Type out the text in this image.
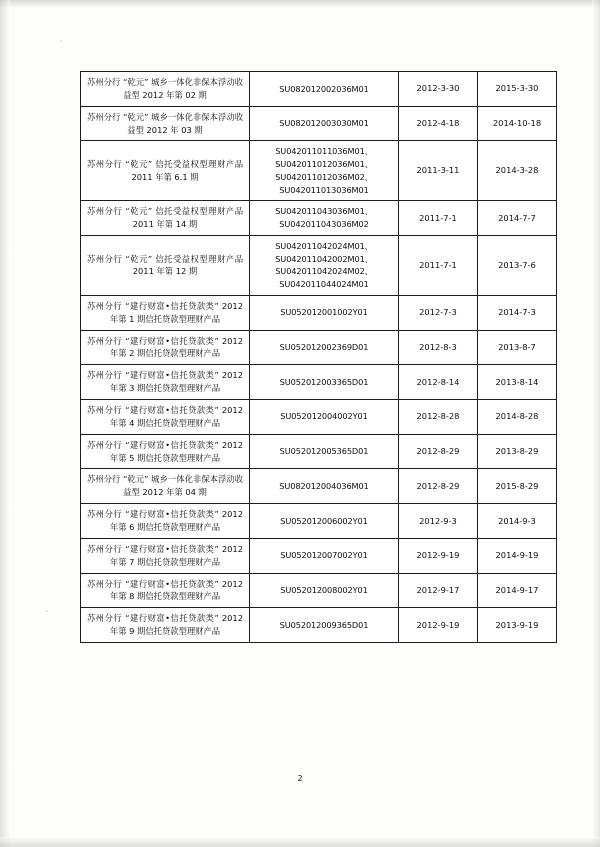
苏州分行 “乾元” 城乡一体化非保本浮动收益型 2012 年第 02 期	SU082012002036M01	2012-3-30	2015-3-30
苏州分行 “乾元” 城乡一体化非保本浮动收益型 2012 年 03 期	SU082012003030M01	2012-4-18	2014-10-18
苏州分行 “乾元” 信托受益权型理财产品 2011 年第 6.1 期	SU042011011036M01、
SU042011012036M01、
SU042011012036M02、
SU042011013036M01	2011-3-11	2014-3-28
苏州分行 “乾元” 信托受益权型理财产品 2011 年第 14 期	SU042011043036M01、
SU042011043036M02	2011-7-1	2014-7-7
苏州分行 “乾元” 信托受益权型理财产品 2011 年第 12 期	SU042011042024M01、
SU042011042002M01、
SU042011042024M02、
SU042011044024M01	2011-7-1	2013-7-6
苏州分行 “建行财富•信托贷款类” 2012 年第 1 期信托贷款型理财产品	SU052012001002Y01	2012-7-3	2014-7-3
苏州分行 “建行财富•信托贷款类” 2012 年第 2 期信托贷款型理财产品	SU052012002369D01	2012-8-3	2013-8-7
苏州分行 “建行财富•信托贷款类” 2012 年第 3 期信托贷款型理财产品	SU052012003365D01	2012-8-14	2013-8-14
苏州分行 “建行财富•信托贷款类” 2012 年第 4 期信托贷款型理财产品	SU052012004002Y01	2012-8-28	2014-8-28
苏州分行 “建行财富•信托贷款类” 2012 年第 5 期信托贷款型理财产品	SU052012005365D01	2012-8-29	2013-8-29
苏州分行 “乾元” 城乡一体化非保本浮动收益型 2012 年第 04 期	SU082012004036M01	2012-8-29	2015-8-29
苏州分行 “建行财富•信托贷款类” 2012 年第 6 期信托贷款型理财产品	SU052012006002Y01	2012-9-3	2014-9-3
苏州分行 “建行财富•信托贷款类” 2012 年第 7 期信托贷款型理财产品	SU052012007002Y01	2012-9-19	2014-9-19
苏州分行 “建行财富•信托贷款类” 2012 年第 8 期信托贷款型理财产品	SU052012008002Y01	2012-9-17	2014-9-17
苏州分行 “建行财富•信托贷款类” 2012 年第 9 期信托贷款型理财产品	SU052012009365D01	2012-9-19	2013-9-19
2
